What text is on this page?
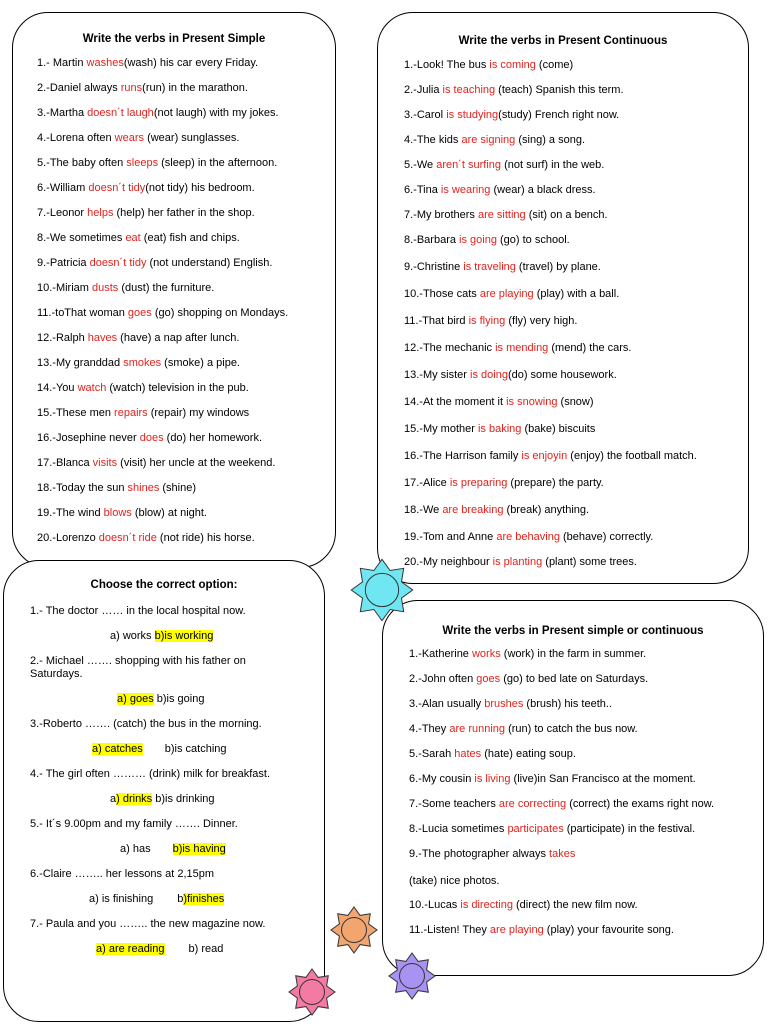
Write the verbs in Present Simple
1.- Martin washes(wash) his car every Friday.
2.-Daniel always runs(run) in the marathon.
3.-Martha doesn´t laugh(not laugh) with my jokes.
4.-Lorena often wears (wear) sunglasses.
5.-The baby often sleeps (sleep) in the afternoon.
6.-William doesn´t tidy(not tidy) his bedroom.
7.-Leonor helps (help) her father in the shop.
8.-We sometimes eat (eat) fish and chips.
9.-Patricia doesn´t tidy (not understand) English.
10.-Miriam dusts (dust) the furniture.
11.-toThat woman goes (go) shopping on Mondays.
12.-Ralph haves (have) a nap after lunch.
13.-My granddad smokes (smoke) a pipe.
14.-You watch (watch) television in the pub.
15.-These men repairs (repair) my windows
16.-Josephine never does (do) her homework.
17.-Blanca visits (visit) her uncle at the weekend.
18.-Today the sun shines (shine)
19.-The wind blows (blow) at night.
20.-Lorenzo doesn´t ride (not ride) his horse.
Write the verbs in Present Continuous
1.-Look! The bus is coming (come)
2.-Julia is teaching (teach) Spanish this term.
3.-Carol is studying(study) French right now.
4.-The kids are signing (sing) a song.
5.-We aren´t surfing (not surf) in the web.
6.-Tina is wearing (wear) a black dress.
7.-My brothers are sitting (sit) on a bench.
8.-Barbara is going (go) to school.
9.-Christine is traveling (travel) by plane.
10.-Those cats are playing (play) with a ball.
11.-That bird is flying (fly) very high.
12.-The mechanic is mending (mend) the cars.
13.-My sister is doing(do) some housework.
14.-At the moment it is snowing (snow)
15.-My mother is baking (bake) biscuits
16.-The Harrison family is enjoyin (enjoy) the football match.
17.-Alice is preparing (prepare) the party.
18.-We are breaking (break) anything.
19.-Tom and Anne are behaving (behave) correctly.
20.-My neighbour is planting (plant) some trees.
Choose the correct option:
1.- The doctor …… in the local hospital now.
a) works b)is working
2.- Michael ……. shopping with his father on
Saturdays.
a) goes b)is going
3.-Roberto ……. (catch) the bus in the morning.
a) catches b)is catching
4.- The girl often ……… (drink) milk for breakfast.
a) drinks b)is drinking
5.- It´s 9.00pm and my family ……. Dinner.
a) has b)is having
6.-Claire …….. her lessons at 2,15pm
a) is finishing b)finishes
7.- Paula and you …….. the new magazine now.
a) are reading b) read
Write the verbs in Present simple or continuous
1.-Katherine works (work) in the farm in summer.
2.-John often goes (go) to bed late on Saturdays.
3.-Alan usually brushes (brush) his teeth..
4.-They are running (run) to catch the bus now.
5.-Sarah hates (hate) eating soup.
6.-My cousin is living (live)in San Francisco at the moment.
7.-Some teachers are correcting (correct) the exams right now.
8.-Lucia sometimes participates (participate) in the festival.
9.-The photographer always takes
(take) nice photos.
10.-Lucas is directing (direct) the new film now.
11.-Listen! They are playing (play) your favourite song.
